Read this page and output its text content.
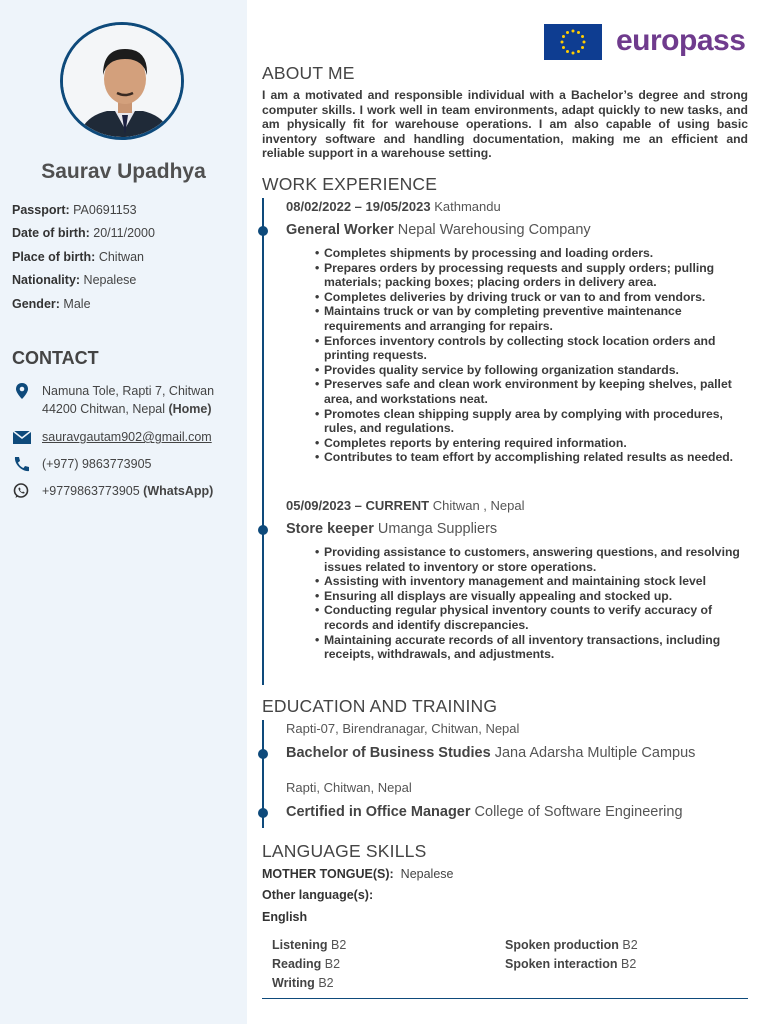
Saurav Upadhya
Passport: PA0691153
Date of birth: 20/11/2000
Place of birth: Chitwan
Nationality: Nepalese
Gender: Male
CONTACT
Namuna Tole, Rapti 7, Chitwan
44200 Chitwan, Nepal (Home)
sauravgautam902@gmail.com
(+977) 9863773905
+9779863773905 (WhatsApp)
europass
ABOUT ME
I am a motivated and responsible individual with a Bachelor’s degree and strong computer skills. I work well in team environments, adapt quickly to new tasks, and am physically fit for warehouse operations. I am also capable of using basic inventory software and handling documentation, making me an efficient and reliable support in a warehouse setting.
WORK EXPERIENCE
08/02/2022 – 19/05/2023 Kathmandu
General Worker Nepal Warehousing Company
• Completes shipments by processing and loading orders.
• Prepares orders by processing requests and supply orders; pulling materials; packing boxes; placing orders in delivery area.
• Completes deliveries by driving truck or van to and from vendors.
• Maintains truck or van by completing preventive maintenance requirements and arranging for repairs.
• Enforces inventory controls by collecting stock location orders and printing requests.
• Provides quality service by following organization standards.
• Preserves safe and clean work environment by keeping shelves, pallet area, and workstations neat.
• Promotes clean shipping supply area by complying with procedures, rules, and regulations.
• Completes reports by entering required information.
• Contributes to team effort by accomplishing related results as needed.
05/09/2023 – CURRENT Chitwan , Nepal
Store keeper Umanga Suppliers
• Providing assistance to customers, answering questions, and resolving issues related to inventory or store operations.
• Assisting with inventory management and maintaining stock level
• Ensuring all displays are visually appealing and stocked up.
• Conducting regular physical inventory counts to verify accuracy of records and identify discrepancies.
• Maintaining accurate records of all inventory transactions, including receipts, withdrawals, and adjustments.
EDUCATION AND TRAINING
Rapti-07, Birendranagar, Chitwan, Nepal
Bachelor of Business Studies Jana Adarsha Multiple Campus
Rapti, Chitwan, Nepal
Certified in Office Manager College of Software Engineering
LANGUAGE SKILLS
MOTHER TONGUE(S): Nepalese
Other language(s):
English
Listening B2
Reading B2
Writing B2
Spoken production B2
Spoken interaction B2
